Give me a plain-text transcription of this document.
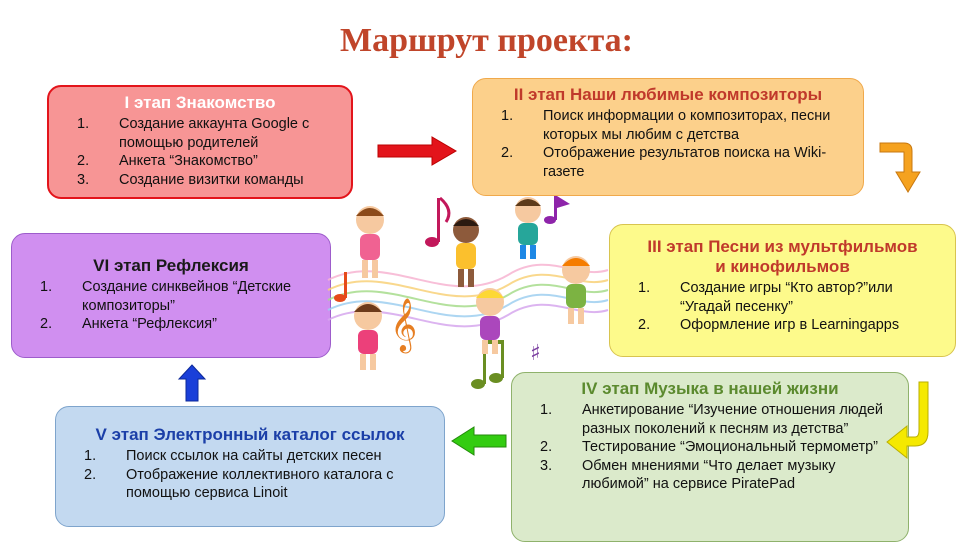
Маршрут проекта:
I этап Знакомство
1.	Создание аккаунта Google с помощью родителей
2.	Анкета “Знакомство”
3.	Создание визитки команды
II этап Наши любимые композиторы
1.	Поиск информации о композиторах, песни которых мы любим с детства
2.	Отображение результатов поиска на Wiki-газете
III этап Песни из мультфильмов и кинофильмов
1.	Создание игры “Кто автор?”или “Угадай песенку”
2.	Оформление игр в Learningapps
IV этап Музыка в нашей жизни
1.	Анкетирование “Изучение отношения людей разных поколений к песням из детства”
2.	Тестирование “Эмоциональный термометр”
3.	Обмен мнениями “Что делает музыку любимой” на сервисе PiratePad
V этап Электронный каталог ссылок
1.	Поиск ссылок на сайты детских песен
2.	Отображение коллективного каталога с помощью сервиса Linoit
VI этап Рефлексия
1.	Создание синквейнов “Детские композиторы”
2.	Анкета “Рефлексия”	𝄞
♯
